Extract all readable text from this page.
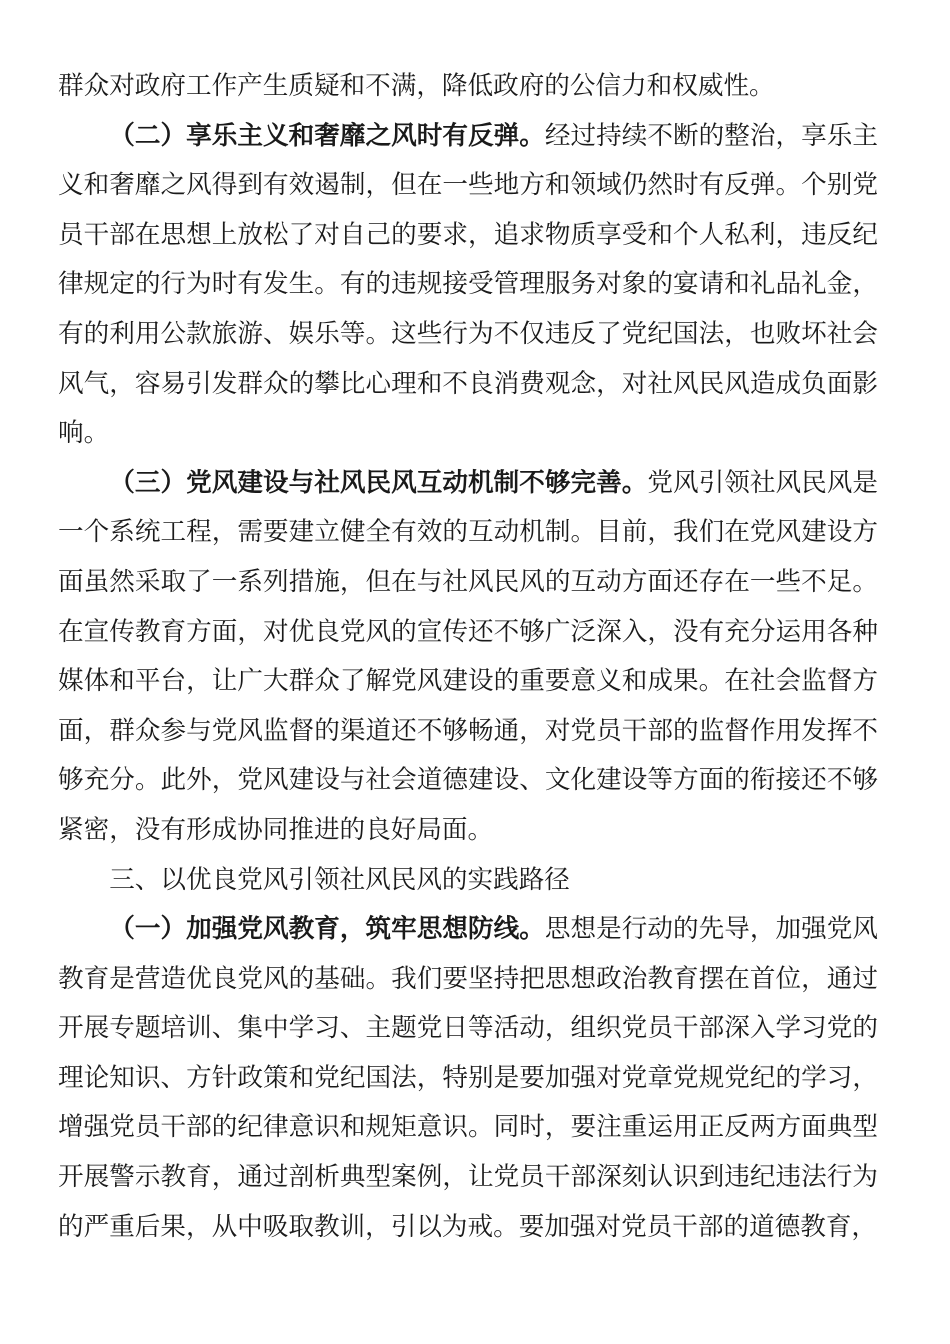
群众对政府工作产生质疑和不满，降低政府的公信力和权威性。

（二）享乐主义和奢靡之风时有反弹。经过持续不断的整治，享乐主义和奢靡之风得到有效遏制，但在一些地方和领域仍然时有反弹。个别党员干部在思想上放松了对自己的要求，追求物质享受和个人私利，违反纪律规定的行为时有发生。有的违规接受管理服务对象的宴请和礼品礼金，有的利用公款旅游、娱乐等。这些行为不仅违反了党纪国法，也败坏社会风气，容易引发群众的攀比心理和不良消费观念，对社风民风造成负面影响。

（三）党风建设与社风民风互动机制不够完善。党风引领社风民风是一个系统工程，需要建立健全有效的互动机制。目前，我们在党风建设方面虽然采取了一系列措施，但在与社风民风的互动方面还存在一些不足。在宣传教育方面，对优良党风的宣传还不够广泛深入，没有充分运用各种媒体和平台，让广大群众了解党风建设的重要意义和成果。在社会监督方面，群众参与党风监督的渠道还不够畅通，对党员干部的监督作用发挥不够充分。此外，党风建设与社会道德建设、文化建设等方面的衔接还不够紧密，没有形成协同推进的良好局面。

三、以优良党风引领社风民风的实践路径

（一）加强党风教育，筑牢思想防线。思想是行动的先导，加强党风教育是营造优良党风的基础。我们要坚持把思想政治教育摆在首位，通过开展专题培训、集中学习、主题党日等活动，组织党员干部深入学习党的理论知识、方针政策和党纪国法，特别是要加强对党章党规党纪的学习，增强党员干部的纪律意识和规矩意识。同时，要注重运用正反两方面典型开展警示教育，通过剖析典型案例，让党员干部深刻认识到违纪违法行为的严重后果，从中吸取教训，引以为戒。要加强对党员干部的道德教育，
